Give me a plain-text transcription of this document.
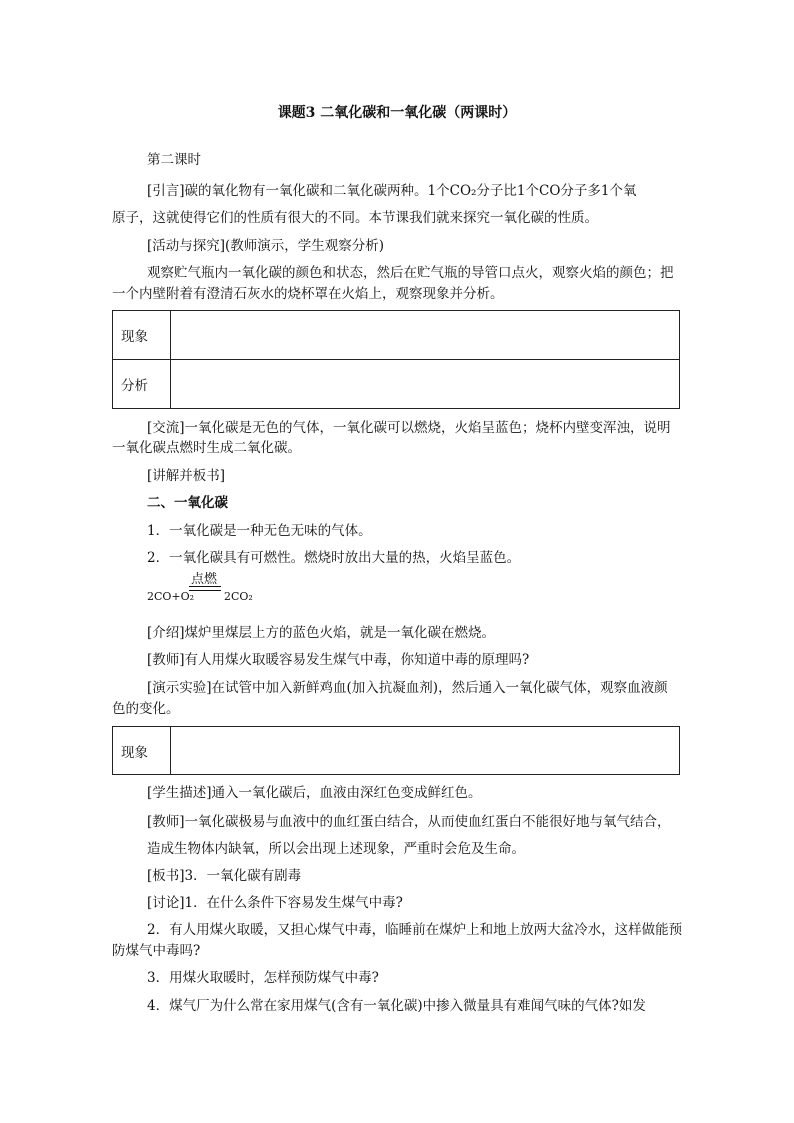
课题3 二氧化碳和一氧化碳（两课时）
第二课时
[引言]碳的氧化物有一氧化碳和二氧化碳两种。1个CO₂分子比1个CO分子多1个氧
原子，这就使得它们的性质有很大的不同。本节课我们就来探究一氧化碳的性质。
[活动与探究](教师演示，学生观察分析)
观察贮气瓶内一氧化碳的颜色和状态，然后在贮气瓶的导管口点火，观察火焰的颜色；把
一个内壁附着有澄清石灰水的烧杯罩在火焰上，观察现象并分析。
现象	
分析	
[交流]一氧化碳是无色的气体，一氧化碳可以燃烧，火焰呈蓝色；烧杯内壁变浑浊，说明
一氧化碳点燃时生成二氧化碳。
[讲解并板书]
二、一氧化碳
1．一氧化碳是一种无色无味的气体。
2．一氧化碳具有可燃性。燃烧时放出大量的热，火焰呈蓝色。
点燃
2CO+O₂	2CO₂
[介绍]煤炉里煤层上方的蓝色火焰，就是一氧化碳在燃烧。
[教师]有人用煤火取暖容易发生煤气中毒，你知道中毒的原理吗?
[演示实验]在试管中加入新鲜鸡血(加入抗凝血剂)，然后通入一氧化碳气体，观察血液颜
色的变化。
现象	
[学生描述]通入一氧化碳后，血液由深红色变成鲜红色。
[教师]一氧化碳极易与血液中的血红蛋白结合，从而使血红蛋白不能很好地与氧气结合，
造成生物体内缺氧，所以会出现上述现象，严重时会危及生命。
[板书]3．一氧化碳有剧毒
[讨论]1．在什么条件下容易发生煤气中毒?
2．有人用煤火取暖，又担心煤气中毒，临睡前在煤炉上和地上放两大盆冷水，这样做能预
防煤气中毒吗?
3．用煤火取暖时，怎样预防煤气中毒?
4．煤气厂为什么常在家用煤气(含有一氧化碳)中掺入微量具有难闻气味的气体?如发
